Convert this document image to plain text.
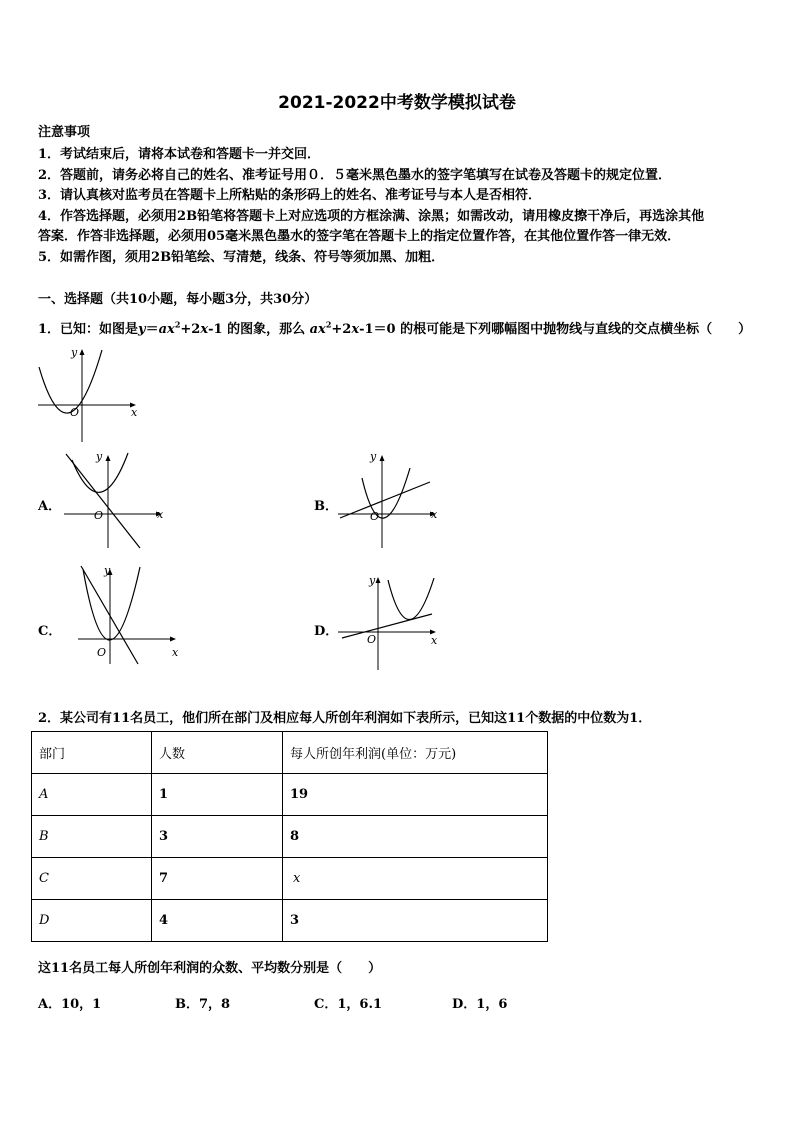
2021-2022中考数学模拟试卷
注意事项
1．考试结束后，请将本试卷和答题卡一并交回．
2．答题前，请务必将自己的姓名、准考证号用０．５毫米黑色墨水的签字笔填写在试卷及答题卡的规定位置．
3．请认真核对监考员在答题卡上所粘贴的条形码上的姓名、准考证号与本人是否相符．
4．作答选择题，必须用2B铅笔将答题卡上对应选项的方框涂满、涂黑；如需改动，请用橡皮擦干净后，再选涂其他
答案．作答非选择题，必须用05毫米黑色墨水的签字笔在答题卡上的指定位置作答，在其他位置作答一律无效．
5．如需作图，须用2B铅笔绘、写清楚，线条、符号等须加黑、加粗．
一、选择题（共10小题，每小题3分，共30分）
1．已知：如图是$y=ax^2+2x-1$ 的图象，那么 $ax^2+2x-1=0$ 的根可能是下列哪幅图中抛物线与直线的交点横坐标（　　）
x
y
O
A．
x
y
O
B．
x
y
O
C．
x
y
O
D．
x
y
O
2．某公司有11名员工，他们所在部门及相应每人所创年利润如下表所示，已知这11个数据的中位数为1．
部门	人数	每人所创年利润(单位：万元)
A	1	19
B	3	8
C	7	x
D	4	3
这11名员工每人所创年利润的众数、平均数分别是（　　）
A．10，1	B．7，8	C．1，6.1	D．1，6
